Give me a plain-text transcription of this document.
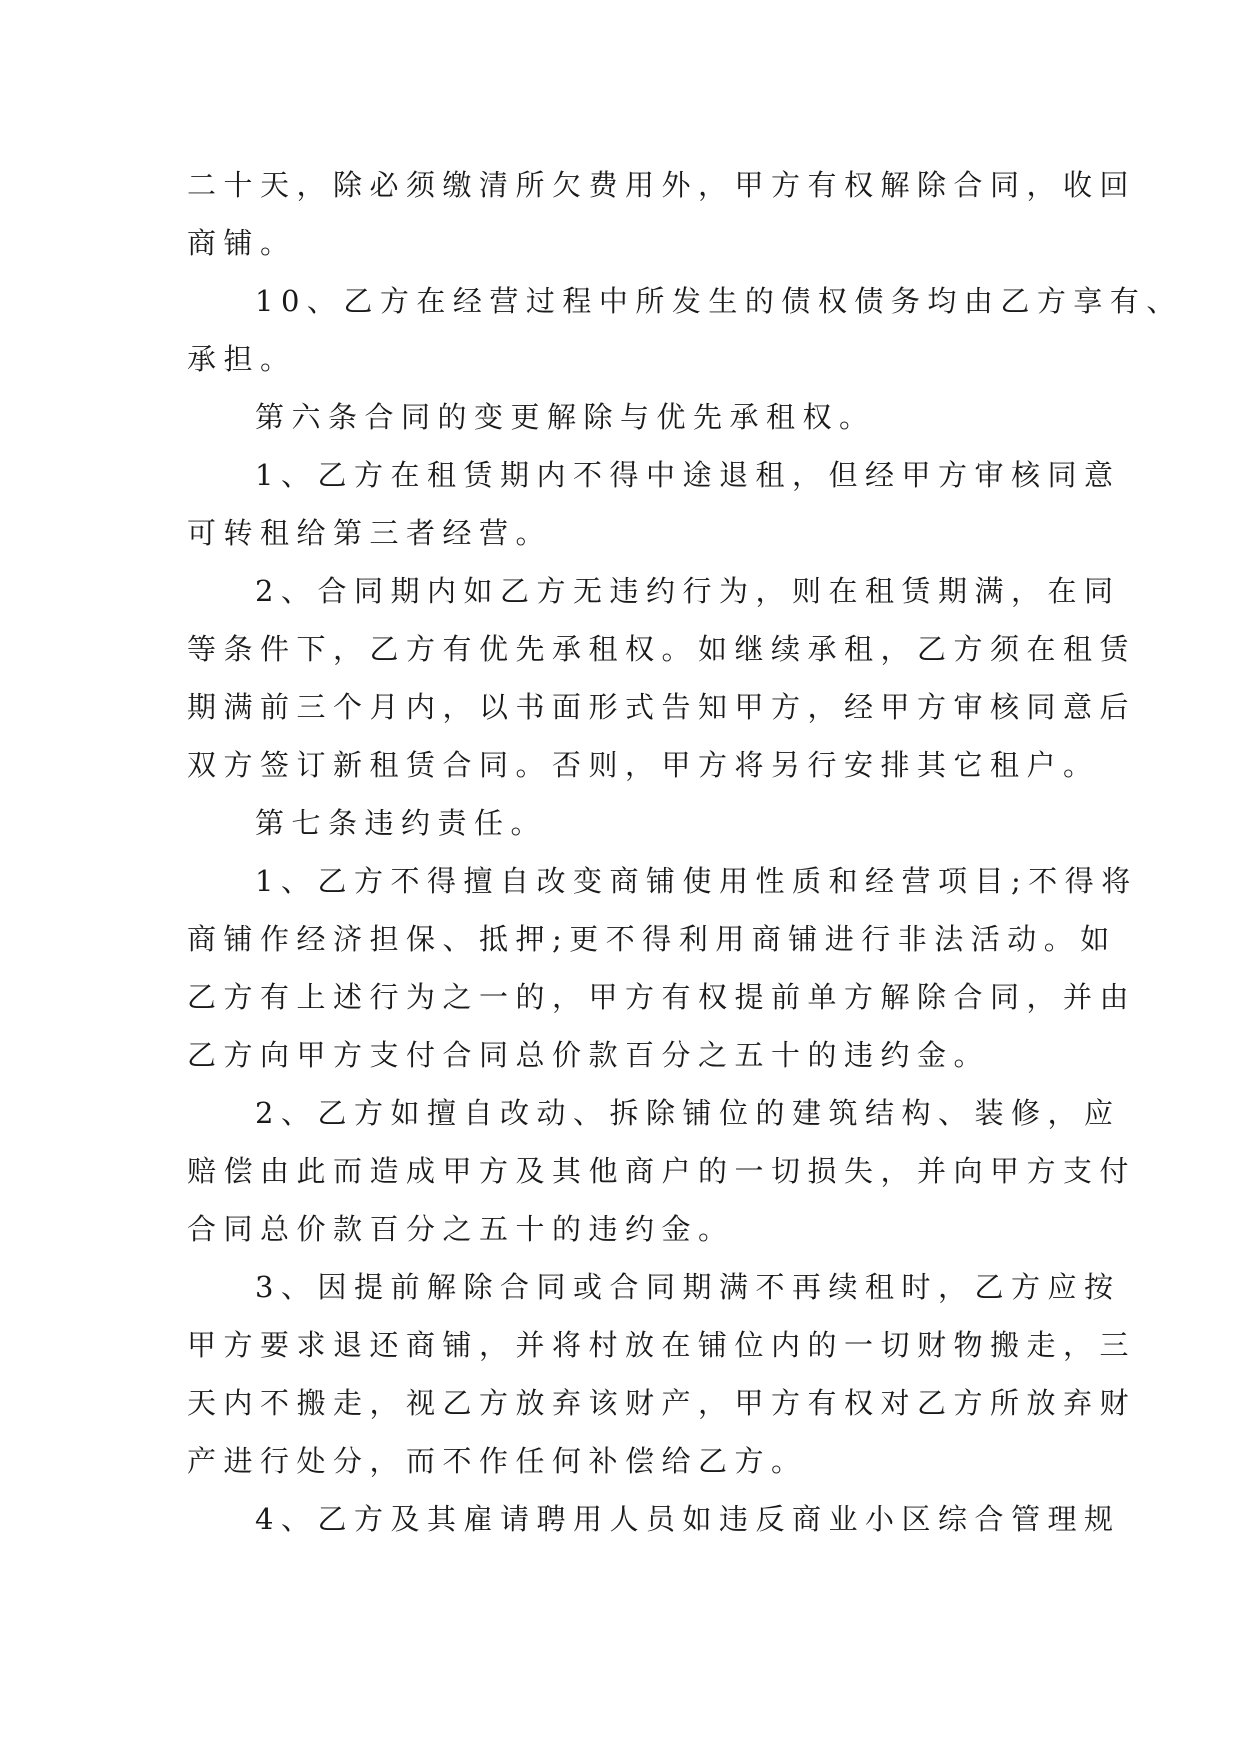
二十天，除必须缴清所欠费用外，甲方有权解除合同，收回
商铺。
10、乙方在经营过程中所发生的债权债务均由乙方享有、
承担。
第六条合同的变更解除与优先承租权。
1、乙方在租赁期内不得中途退租，但经甲方审核同意
可转租给第三者经营。
2、合同期内如乙方无违约行为，则在租赁期满，在同
等条件下，乙方有优先承租权。如继续承租，乙方须在租赁
期满前三个月内，以书面形式告知甲方，经甲方审核同意后
双方签订新租赁合同。否则，甲方将另行安排其它租户。
第七条违约责任。
1、乙方不得擅自改变商铺使用性质和经营项目;不得将
商铺作经济担保、抵押;更不得利用商铺进行非法活动。如
乙方有上述行为之一的，甲方有权提前单方解除合同，并由
乙方向甲方支付合同总价款百分之五十的违约金。
2、乙方如擅自改动、拆除铺位的建筑结构、装修，应
赔偿由此而造成甲方及其他商户的一切损失，并向甲方支付
合同总价款百分之五十的违约金。
3、因提前解除合同或合同期满不再续租时，乙方应按
甲方要求退还商铺，并将村放在铺位内的一切财物搬走，三
天内不搬走，视乙方放弃该财产，甲方有权对乙方所放弃财
产进行处分，而不作任何补偿给乙方。
4、乙方及其雇请聘用人员如违反商业小区综合管理规
